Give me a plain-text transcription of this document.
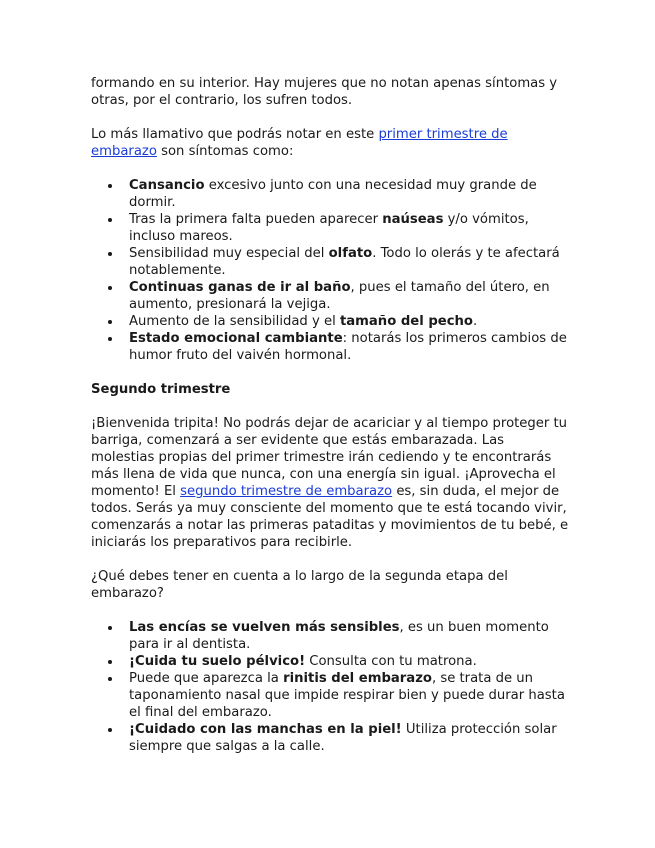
formando en su interior. Hay mujeres que no notan apenas síntomas y otras, por el contrario, los sufren todos.

Lo más llamativo que podrás notar en este primer trimestre de embarazo son síntomas como:

Cansancio excesivo junto con una necesidad muy grande de dormir.
Tras la primera falta pueden aparecer naúseas y/o vómitos, incluso mareos.
Sensibilidad muy especial del olfato. Todo lo olerás y te afectará notablemente.
Continuas ganas de ir al baño, pues el tamaño del útero, en aumento, presionará la vejiga.
Aumento de la sensibilidad y el tamaño del pecho.
Estado emocional cambiante: notarás los primeros cambios de humor fruto del vaivén hormonal.

Segundo trimestre

¡Bienvenida tripita! No podrás dejar de acariciar y al tiempo proteger tu barriga, comenzará a ser evidente que estás embarazada. Las molestias propias del primer trimestre irán cediendo y te encontrarás más llena de vida que nunca, con una energía sin igual. ¡Aprovecha el momento! El segundo trimestre de embarazo es, sin duda, el mejor de todos. Serás ya muy consciente del momento que te está tocando vivir, comenzarás a notar las primeras pataditas y movimientos de tu bebé, e iniciarás los preparativos para recibirle.

¿Qué debes tener en cuenta a lo largo de la segunda etapa del embarazo?

Las encías se vuelven más sensibles, es un buen momento para ir al dentista.
¡Cuida tu suelo pélvico! Consulta con tu matrona.
Puede que aparezca la rinitis del embarazo, se trata de un taponamiento nasal que impide respirar bien y puede durar hasta el final del embarazo.
¡Cuidado con las manchas en la piel! Utiliza protección solar siempre que salgas a la calle.
